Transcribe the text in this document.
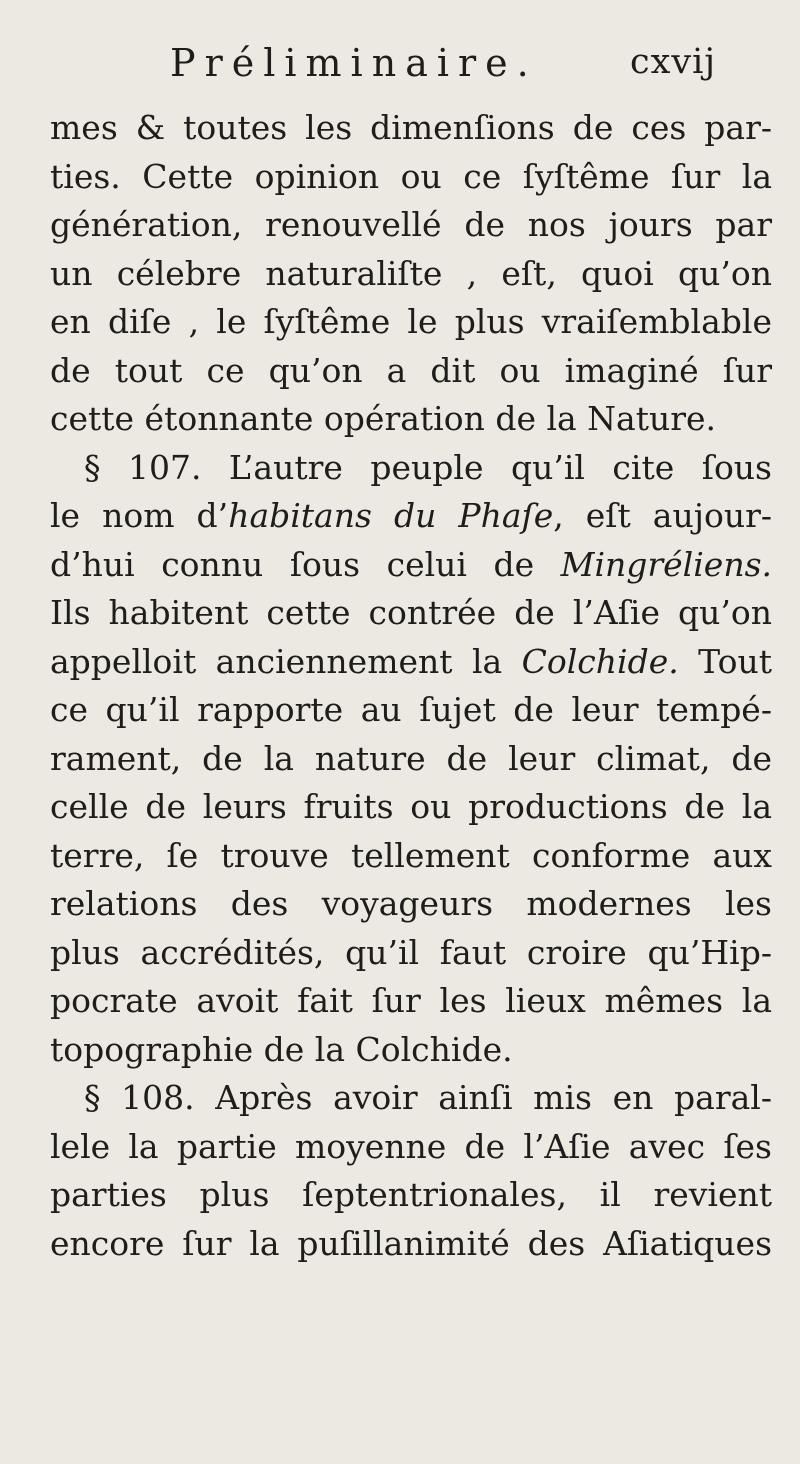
Préliminaire.	cxvij
mes & toutes les dimenſions de ces par-
ties. Cette opinion ou ce ſyſtême ſur la
génération, renouvellé de nos jours par
un célebre naturaliſte , eſt, quoi qu’on
en diſe , le ſyſtême le plus vraiſemblable
de tout ce qu’on a dit ou imaginé ſur
cette étonnante opération de la Nature.
§ 107. L’autre peuple qu’il cite ſous
le nom d’habitans du Phaſe, eſt aujour-
d’hui connu ſous celui de Mingréliens.
Ils habitent cette contrée de l’Aſie qu’on
appelloit anciennement la Colchide. Tout
ce qu’il rapporte au ſujet de leur tempé-
rament, de la nature de leur climat, de
celle de leurs fruits ou productions de la
terre, ſe trouve tellement conforme aux
relations des voyageurs modernes les
plus accrédités, qu’il faut croire qu’Hip-
pocrate avoit fait ſur les lieux mêmes la
topographie de la Colchide.
§ 108. Après avoir ainſi mis en paral-
lele la partie moyenne de l’Aſie avec ſes
parties plus ſeptentrionales, il revient
encore ſur la puſillanimité des Aſiatiques
